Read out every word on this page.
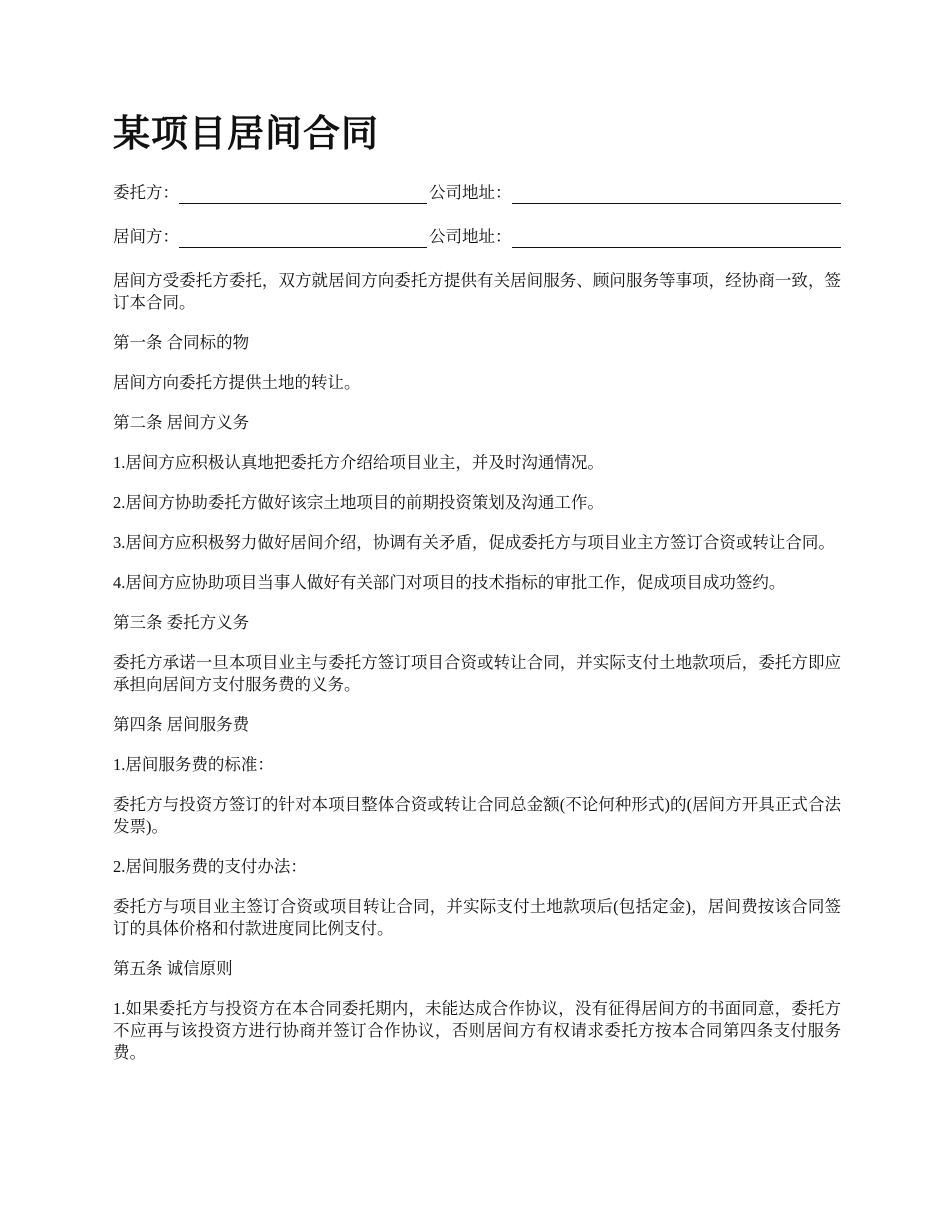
某项目居间合同
委托方：	公司地址：
居间方：	公司地址：

居间方受委托方委托，双方就居间方向委托方提供有关居间服务、顾问服务等事项，经协商一致，签订本合同。

第一条 合同标的物

居间方向委托方提供土地的转让。

第二条 居间方义务

1.居间方应积极认真地把委托方介绍给项目业主，并及时沟通情况。

2.居间方协助委托方做好该宗土地项目的前期投资策划及沟通工作。

3.居间方应积极努力做好居间介绍，协调有关矛盾，促成委托方与项目业主方签订合资或转让合同。

4.居间方应协助项目当事人做好有关部门对项目的技术指标的审批工作，促成项目成功签约。

第三条 委托方义务

委托方承诺一旦本项目业主与委托方签订项目合资或转让合同，并实际支付土地款项后，委托方即应承担向居间方支付服务费的义务。

第四条 居间服务费

1.居间服务费的标准：

委托方与投资方签订的针对本项目整体合资或转让合同总金额(不论何种形式)的(居间方开具正式合法发票)。

2.居间服务费的支付办法：

委托方与项目业主签订合资或项目转让合同，并实际支付土地款项后(包括定金)，居间费按该合同签订的具体价格和付款进度同比例支付。

第五条 诚信原则

1.如果委托方与投资方在本合同委托期内，未能达成合作协议，没有征得居间方的书面同意，委托方不应再与该投资方进行协商并签订合作协议，否则居间方有权请求委托方按本合同第四条支付服务费。
